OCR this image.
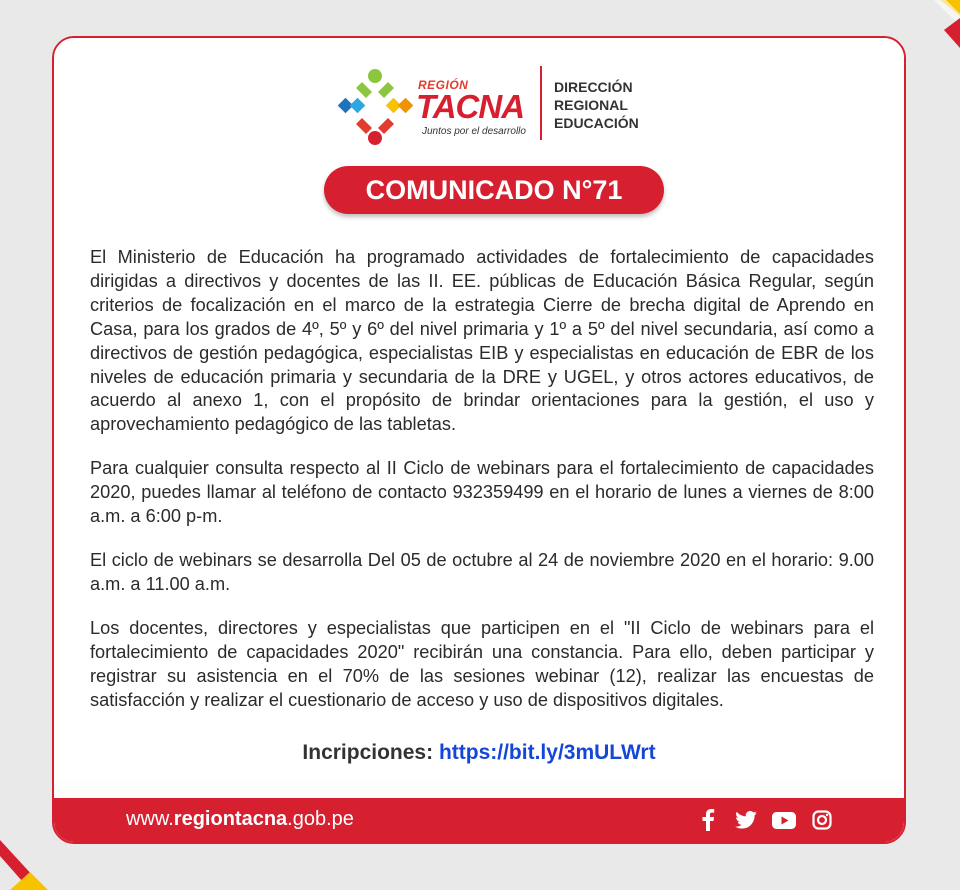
REGIÓN
TACNA
Juntos por el desarrollo
DIRECCIÓN
REGIONAL
EDUCACIÓN
COMUNICADO N°71

El Ministerio de Educación ha programado actividades de fortalecimiento de capacidades dirigidas a directivos y docentes de las II. EE. públicas de Educación Básica Regular, según criterios de focalización en el marco de la estrategia Cierre de brecha digital de Aprendo en Casa, para los grados de 4º, 5º y 6º del nivel primaria y 1º a 5º del nivel secundaria, así como a directivos de gestión pedagógica, especialistas EIB y especialistas en educación de EBR de los niveles de educación primaria y secundaria de la DRE y UGEL, y otros actores educativos, de acuerdo al anexo 1, con el propósito de brindar orientaciones para la gestión, el uso y aprovechamiento pedagógico de las tabletas.

Para cualquier consulta respecto al II Ciclo de webinars para el fortalecimiento de capacidades 2020, puedes llamar al teléfono de contacto 932359499 en el horario de lunes a viernes de 8:00 a.m. a 6:00 p-m.

El ciclo de webinars se desarrolla Del 05 de octubre al 24 de noviembre 2020 en el horario: 9.00 a.m. a 11.00 a.m.

Los docentes, directores y especialistas que participen en el "II Ciclo de webinars para el fortalecimiento de capacidades 2020" recibirán una constancia. Para ello, deben participar y registrar su asistencia en el 70% de las sesiones webinar (12), realizar las encuestas de satisfacción y realizar el cuestionario de acceso y uso de dispositivos digitales.

Incripciones: https://bit.ly/3mULWrt
www.regiontacna.gob.pe
